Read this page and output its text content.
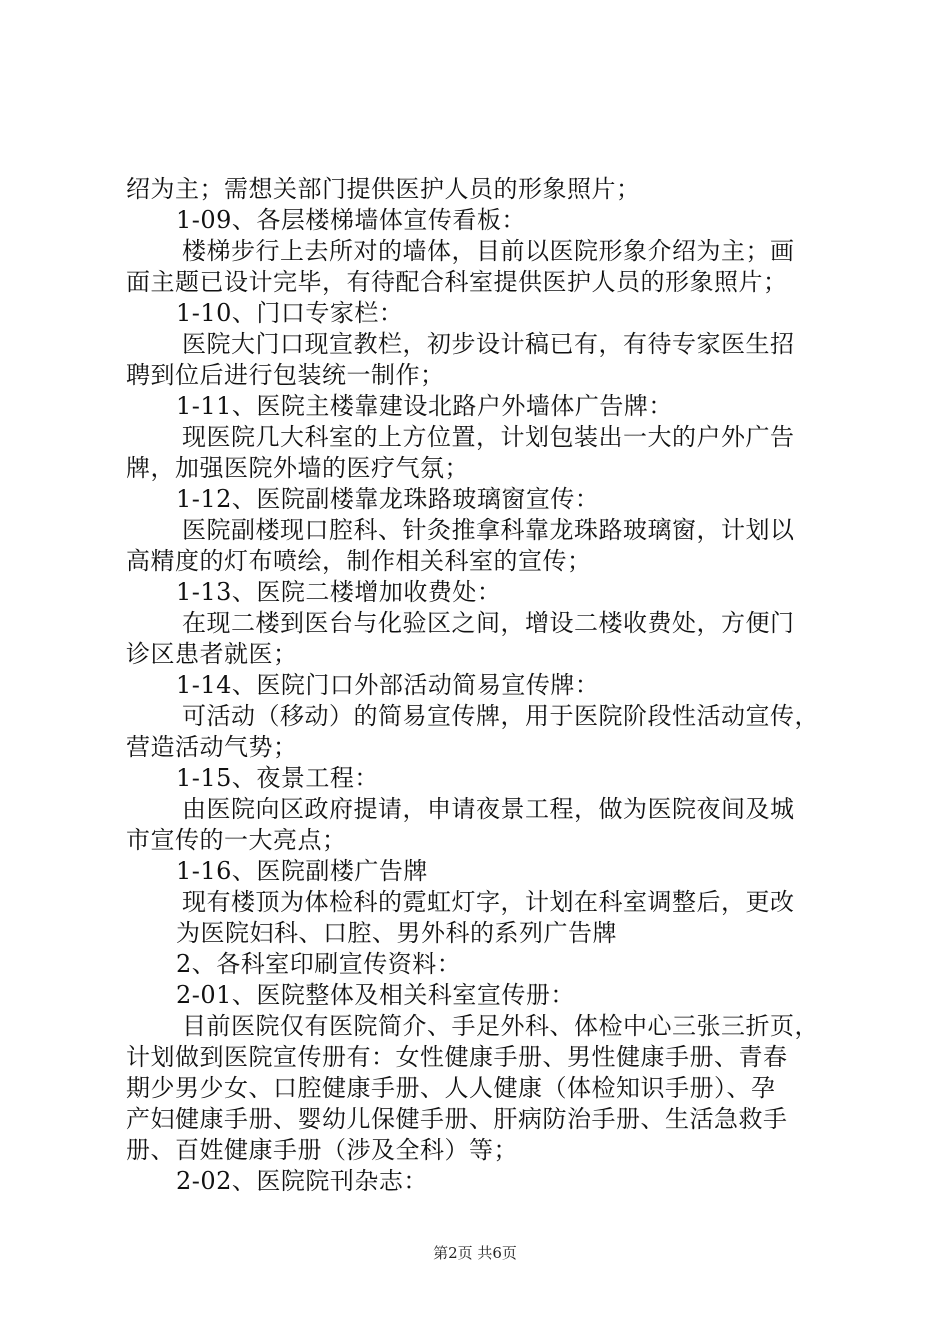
绍为主；需想关部门提供医护人员的形象照片；
1-09、各层楼梯墙体宣传看板：
楼梯步行上去所对的墙体，目前以医院形象介绍为主；画
面主题已设计完毕，有待配合科室提供医护人员的形象照片；
1-10、门口专家栏：
医院大门口现宣教栏，初步设计稿已有，有待专家医生招
聘到位后进行包装统一制作；
1-11、医院主楼靠建设北路户外墙体广告牌：
现医院几大科室的上方位置，计划包装出一大的户外广告
牌，加强医院外墙的医疗气氛；
1-12、医院副楼靠龙珠路玻璃窗宣传：
医院副楼现口腔科、针灸推拿科靠龙珠路玻璃窗，计划以
高精度的灯布喷绘，制作相关科室的宣传；
1-13、医院二楼增加收费处：
在现二楼到医台与化验区之间，增设二楼收费处，方便门
诊区患者就医；
1-14、医院门口外部活动简易宣传牌：
可活动（移动）的简易宣传牌，用于医院阶段性活动宣传，
营造活动气势；
1-15、夜景工程：
由医院向区政府提请，申请夜景工程，做为医院夜间及城
市宣传的一大亮点；
1-16、医院副楼广告牌
现有楼顶为体检科的霓虹灯字，计划在科室调整后，更改
为医院妇科、口腔、男外科的系列广告牌
2、各科室印刷宣传资料：
2-01、医院整体及相关科室宣传册：
目前医院仅有医院简介、手足外科、体检中心三张三折页，
计划做到医院宣传册有：女性健康手册、男性健康手册、青春
期少男少女、口腔健康手册、人人健康（体检知识手册）、孕
产妇健康手册、婴幼儿保健手册、肝病防治手册、生活急救手
册、百姓健康手册（涉及全科）等；
2-02、医院院刊杂志：
第2页 共6页
